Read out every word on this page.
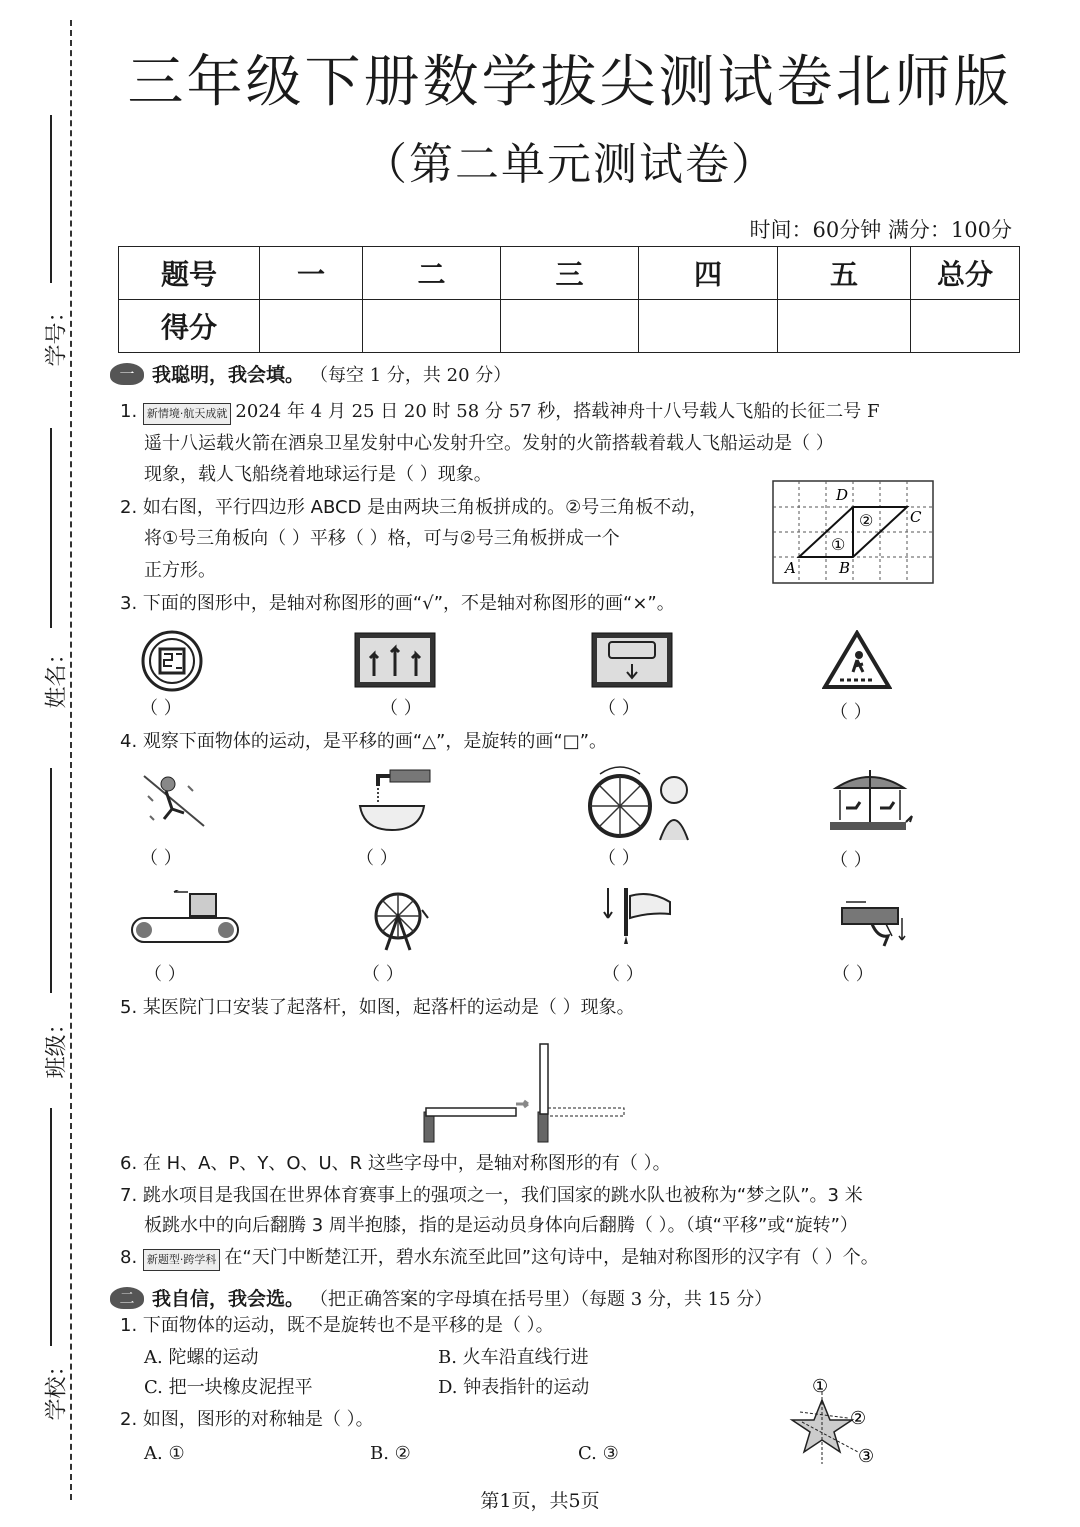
学号：
姓名：
班级：
学校：
三年级下册数学拔尖测试卷北师版
（第二单元测试卷）
时间：60分钟 满分：100分
题号	一	二	三	四	五	总分
得分						
一 我聪明，我会填。 （每空 1 分，共 20 分）
1. 新情境·航天成就 2024 年 4 月 25 日 20 时 58 分 57 秒，搭载神舟十八号载人飞船的长征二号 F
遥十八运载火箭在酒泉卫星发射中心发射升空。发射的火箭搭载着载人飞船运动是（ ）
现象，载人飞船绕着地球运行是（ ）现象。
2. 如右图，平行四边形 ABCD 是由两块三角板拼成的。②号三角板不动，
将①号三角板向（ ）平移（ ）格，可与②号三角板拼成一个
正方形。
D
C
A	B
①
②
3. 下面的图形中，是轴对称图形的画“√”，不是轴对称图形的画“×”。
（ ）	（ ）	（ ）	（ ）
4. 观察下面物体的运动，是平移的画“△”，是旋转的画“□”。
（ ）	（ ）	（ ）	（ ）
（ ）	（ ）	（ ）	（ ）
5. 某医院门口安装了起落杆，如图，起落杆的运动是（ ）现象。
6. 在 H、A、P、Y、O、U、R 这些字母中，是轴对称图形的有（ ）。
7. 跳水项目是我国在世界体育赛事上的强项之一，我们国家的跳水队也被称为“梦之队”。3 米
板跳水中的向后翻腾 3 周半抱膝，指的是运动员身体向后翻腾（ ）。（填“平移”或“旋转”）
8. 新题型·跨学科 在“天门中断楚江开，碧水东流至此回”这句诗中，是轴对称图形的汉字有（ ）个。
二 我自信，我会选。 （把正确答案的字母填在括号里）（每题 3 分，共 15 分）
1. 下面物体的运动，既不是旋转也不是平移的是（ ）。
A. 陀螺的运动	B. 火车沿直线行进
C. 把一块橡皮泥捏平	D. 钟表指针的运动
2. 如图，图形的对称轴是（ ）。
A. ①	B. ②	C. ③
①
②
③
第1页，共5页
